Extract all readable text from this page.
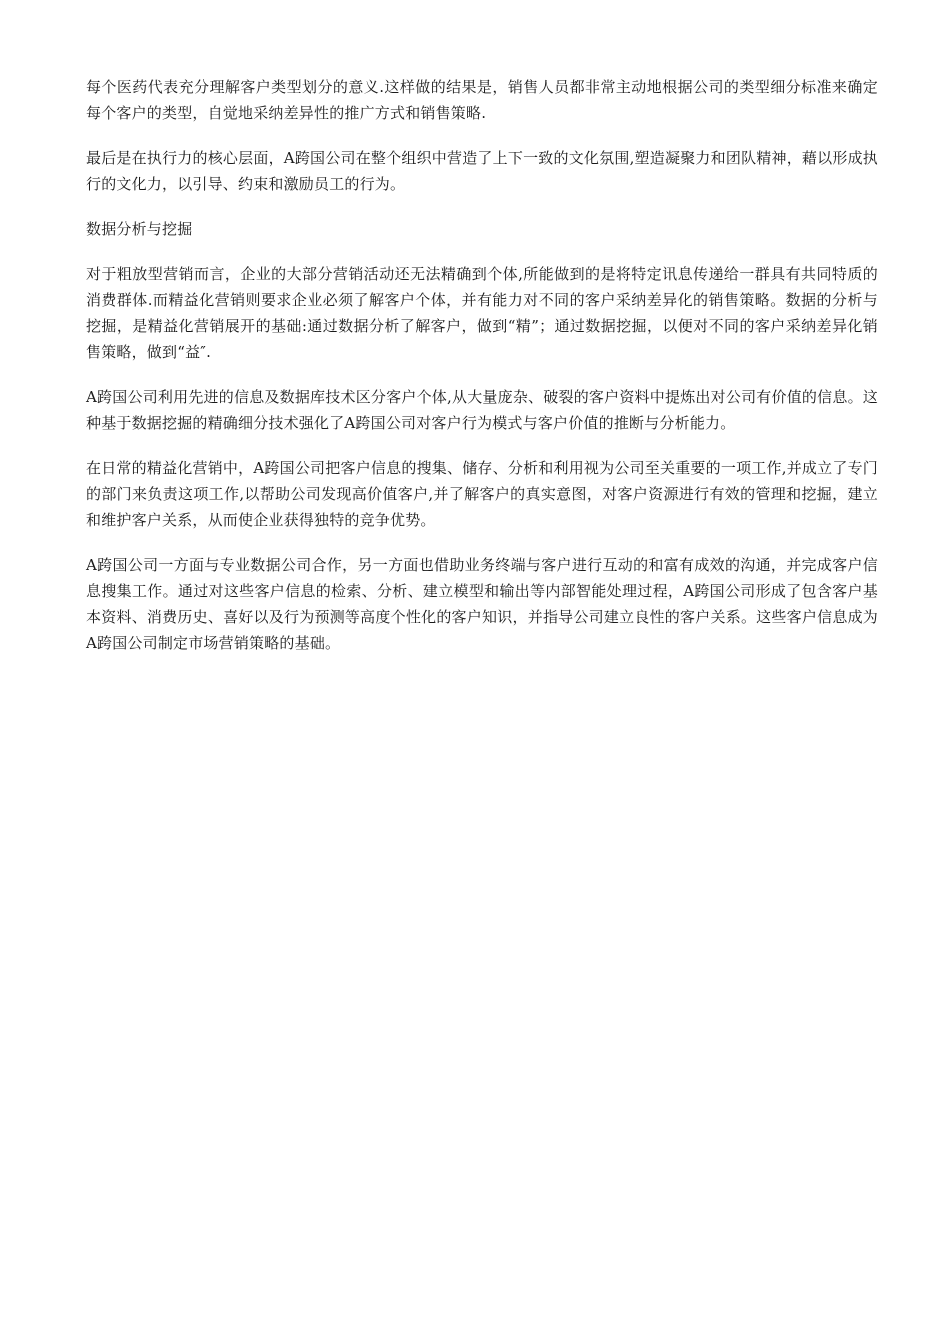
每个医药代表充分理解客户类型划分的意义.这样做的结果是，销售人员都非常主动地根据公司的类型细分标准来确定每个客户的类型，自觉地采纳差异性的推广方式和销售策略.

最后是在执行力的核心层面，A跨国公司在整个组织中营造了上下一致的文化氛围,塑造凝聚力和团队精神，藉以形成执行的文化力，以引导、约束和激励员工的行为。

数据分析与挖掘

对于粗放型营销而言，企业的大部分营销活动还无法精确到个体,所能做到的是将特定讯息传递给一群具有共同特质的消费群体.而精益化营销则要求企业必须了解客户个体，并有能力对不同的客户采纳差异化的销售策略。数据的分析与挖掘，是精益化营销展开的基础:通过数据分析了解客户，做到“精”；通过数据挖掘，以便对不同的客户采纳差异化销售策略，做到“益″.

A跨国公司利用先进的信息及数据库技术区分客户个体,从大量庞杂、破裂的客户资料中提炼出对公司有价值的信息。这种基于数据挖掘的精确细分技术强化了A跨国公司对客户行为模式与客户价值的推断与分析能力。

在日常的精益化营销中，A跨国公司把客户信息的搜集、储存、分析和利用视为公司至关重要的一项工作,并成立了专门的部门来负责这项工作,以帮助公司发现高价值客户,并了解客户的真实意图，对客户资源进行有效的管理和挖掘，建立和维护客户关系，从而使企业获得独特的竞争优势。

A跨国公司一方面与专业数据公司合作，另一方面也借助业务终端与客户进行互动的和富有成效的沟通，并完成客户信息搜集工作。通过对这些客户信息的检索、分析、建立模型和输出等内部智能处理过程，A跨国公司形成了包含客户基本资料、消费历史、喜好以及行为预测等高度个性化的客户知识，并指导公司建立良性的客户关系。这些客户信息成为A跨国公司制定市场营销策略的基础。
